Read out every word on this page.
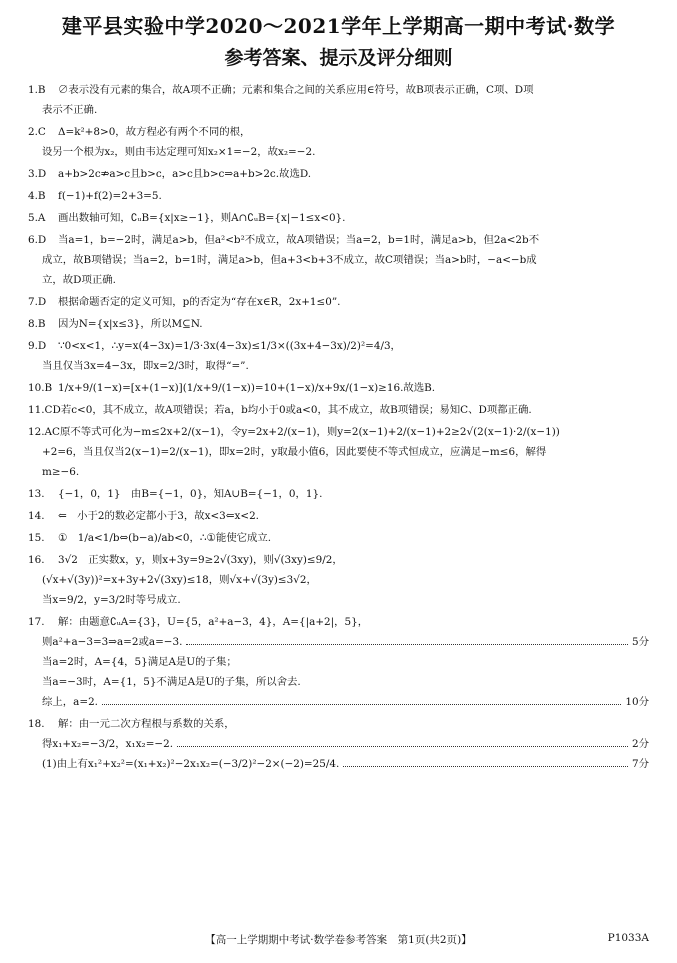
建平县实验中学2020～2021学年上学期高一期中考试·数学
参考答案、提示及评分细则
1.B ∅表示没有元素的集合，故A项不正确；元素和集合之间的关系应用∈符号，故B项表示正确，C项、D项
表示不正确.
2.C Δ=k²+8>0，故方程必有两个不同的根，
设另一个根为x₂，则由韦达定理可知x₂×1=−2，故x₂=−2.
3.D a+b>2c⇏a>c且b>c，a>c且b>c⇒a+b>2c.故选D.
4.B f(−1)+f(2)=2+3=5.
5.A 画出数轴可知，∁ᵤB={x|x≥−1}，则A∩∁ᵤB={x|−1≤x<0}.
6.D 当a=1，b=−2时，满足a>b，但a²<b²不成立，故A项错误；当a=2，b=1时，满足a>b，但2a<2b不
成立，故B项错误；当a=2，b=1时，满足a>b，但a+3<b+3不成立，故C项错误；当a>b时，−a<−b成
立，故D项正确.
7.D 根据命题否定的定义可知，p的否定为“存在x∈R，2x+1≤0”.
8.B 因为N={x|x≤3}，所以M⊆N.
9.D ∵0<x<1，∴y=x(4−3x)=1/3·3x(4−3x)≤1/3×((3x+4−3x)/2)²=4/3，
当且仅当3x=4−3x，即x=2/3时，取得“=”.
10.B 1/x+9/(1−x)=[x+(1−x)](1/x+9/(1−x))=10+(1−x)/x+9x/(1−x)≥16.故选B.
11.CD若c<0，其不成立，故A项错误；若a，b均小于0或a<0，其不成立，故B项错误；易知C、D项都正确.
12.AC原不等式可化为−m≤2x+2/(x−1)，令y=2x+2/(x−1)，则y=2(x−1)+2/(x−1)+2≥2√(2(x−1)·2/(x−1))
+2=6，当且仅当2(x−1)=2/(x−1)，即x=2时，y取最小值6，因此要使不等式恒成立，应满足−m≤6，解得
m≥−6.
13. {−1，0，1}　由B={−1，0}，知A∪B={−1，0，1}.
14. ⇐　小于2的数必定都小于3，故x<3⇐x<2.
15. ①　1/a<1/b⇔(b−a)/ab<0，∴①能使它成立.
16. 3√2　正实数x，y，则x+3y=9≥2√(3xy)，则√(3xy)≤9/2，
(√x+√(3y))²=x+3y+2√(3xy)≤18，则√x+√(3y)≤3√2，
当x=9/2，y=3/2时等号成立.
17. 解：由题意∁ᵤA={3}，U={5，a²+a−3，4}，A={|a+2|，5}，
则a²+a−3=3⇒a=2或a=−3.	5分
当a=2时，A={4，5}满足A是U的子集；
当a=−3时，A={1，5}不满足A是U的子集，所以舍去.
综上，a=2.	10分
18. 解：由一元二次方程根与系数的关系，
得x₁+x₂=−3/2，x₁x₂=−2.	2分
(1)由上有x₁²+x₂²=(x₁+x₂)²−2x₁x₂=(−3/2)²−2×(−2)=25/4.	7分
【高一上学期期中考试·数学卷参考答案　第1页(共2页)】	P1033A
